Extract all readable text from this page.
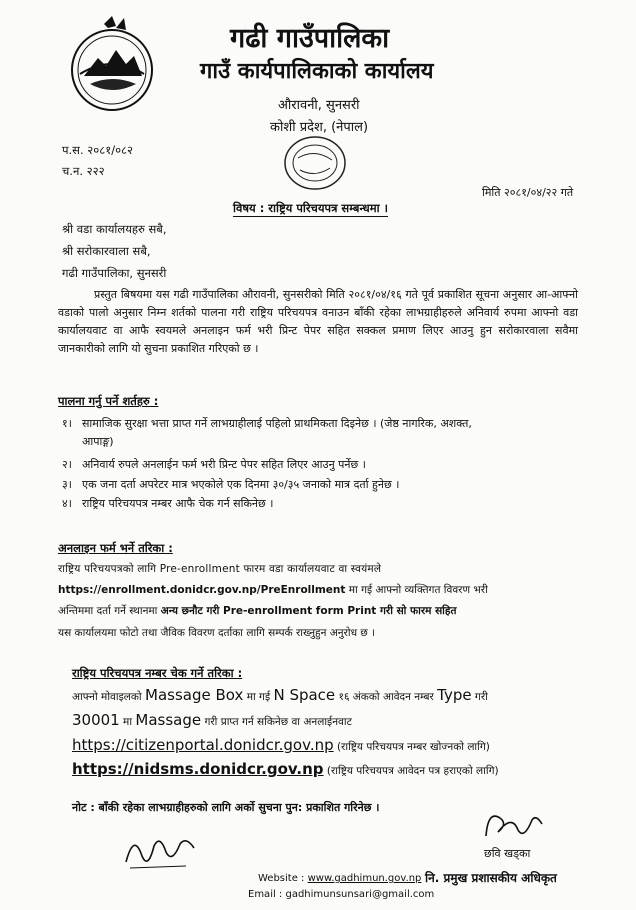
गढी गाउँपालिका
गाउँ कार्यपालिकाको कार्यालय
औरावनी, सुनसरी
कोशी प्रदेश, (नेपाल)
प.स. २०८१/०८२
च.न. २२२
मिति २०८१/०४/२२ गते
विषय : राष्ट्रिय परिचयपत्र सम्बन्धमा ।
श्री वडा कार्यालयहरु सबै,
श्री सरोकारवाला सबै,
गढी गाउँपालिका, सुनसरी
प्रस्तुत बिषयमा यस गढी गाउँपालिका औरावनी, सुनसरीको मिति २०८१/०४/१६ गते पूर्व प्रकाशित सूचना अनुसार आ-आफ्नो वडाको पालो अनुसार निम्न शर्तको पालना गरी राष्ट्रिय परिचयपत्र वनाउन बाँकी रहेका लाभग्राहीहरुले अनिवार्य रुपमा आफ्नो वडा कार्यालयवाट वा आफै स्वयमले अनलाइन फर्म भरी प्रिन्ट पेपर सहित सक्कल प्रमाण लिएर आउनु हुन सरोकारवाला सवैमा जानकारीको लागि यो सुचना प्रकाशित गरिएको छ ।
पालना गर्नु पर्ने शर्तहरु :
१। सामाजिक सुरक्षा भत्ता प्राप्त गर्ने लाभग्राहीलाई पहिलो प्राथमिकता दिइनेछ । (जेष्ठ नागरिक, अशक्त,
आपाङ्ग)
२। अनिवार्य रुपले अनलाईन फर्म भरी प्रिन्ट पेपर सहित लिएर आउनु पर्नेछ ।
३। एक जना दर्ता अपरेटर मात्र भएकोले एक दिनमा ३०/३५ जनाको मात्र दर्ता हुनेछ ।
४। राष्ट्रिय परिचयपत्र नम्बर आफै चेक गर्न सकिनेछ ।
अनलाइन फर्म भर्ने तरिका :
राष्ट्रिय परिचयपत्रको लागि Pre-enrollment फारम वडा कार्यालयवाट वा स्वयंमले
https://enrollment.donidcr.gov.np/PreEnrollment मा गई आफ्नो व्यक्तिगत विवरण भरी
अन्तिममा दर्ता गर्ने स्थानमा अन्य छनौट गरी Pre-enrollment form Print गरी सो फारम सहित
यस कार्यालयमा फोटो तथा जैविक विवरण दर्ताका लागि सम्पर्क राख्नुहुन अनुरोध छ ।
राष्ट्रिय परिचयपत्र नम्बर चेक गर्ने तरिका :
आफ्नो मोवाइलको Massage Box मा गई N Space १६ अंकको आवेदन नम्बर Type गरी
30001 मा Massage गरी प्राप्त गर्न सकिनेछ वा अनलाईनवाट
https://citizenportal.donidcr.gov.np (राष्ट्रिय परिचयपत्र नम्बर खोज्नको लागि)
https://nidsms.donidcr.gov.np (राष्ट्रिय परिचयपत्र आवेदन पत्र हराएको लागि)
नोट : बाँकी रहेका लाभग्राहीहरुको लागि अर्को सुचना पुन: प्रकाशित गरिनेछ ।
छवि खड्का
नि. प्रमुख प्रशासकीय अधिकृत
Website : www.gadhimun.gov.np
Email : gadhimunsunsari@gmail.com
